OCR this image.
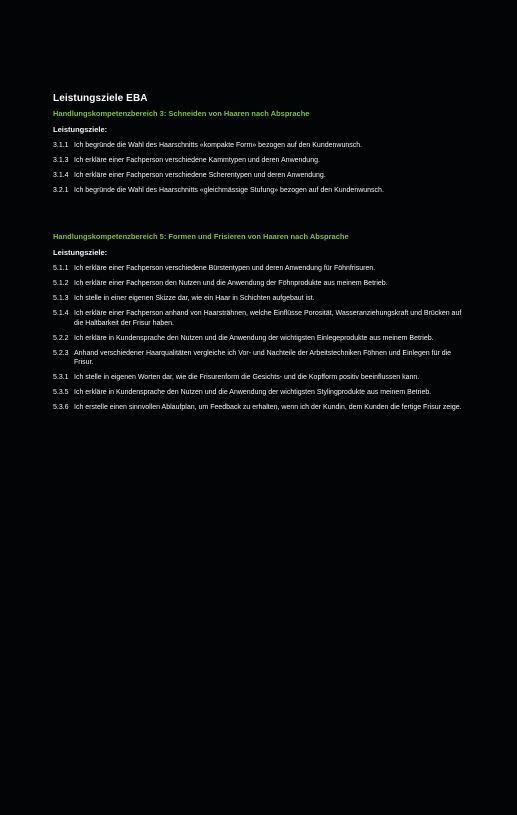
Leistungsziele EBA
Handlungskompetenzbereich 3: Schneiden von Haaren nach Absprache
Leistungsziele:
3.1.1 Ich begründe die Wahl des Haarschnitts «kompakte Form» bezogen auf den Kundenwunsch.
3.1.3 Ich erkläre einer Fachperson verschiedene Kammtypen und deren Anwendung.
3.1.4 Ich erkläre einer Fachperson verschiedene Scherentypen und deren Anwendung.
3.2.1 Ich begründe die Wahl des Haarschnitts «gleichmässige Stufung» bezogen auf den Kundenwunsch.
Handlungskompetenzbereich 5: Formen und Frisieren von Haaren nach Absprache
Leistungsziele:
5.1.1 Ich erkläre einer Fachperson verschiedene Bürstentypen und deren Anwendung für Föhnfrisuren.
5.1.2 Ich erkläre einer Fachperson den Nutzen und die Anwendung der Föhnprodukte aus meinem Betrieb.
5.1.3 Ich stelle in einer eigenen Skizze dar, wie ein Haar in Schichten aufgebaut ist.
5.1.4 Ich erkläre einer Fachperson anhand von Haarsträhnen, welche Einflüsse Porosität, Wasseranziehungskraft und Brücken auf die Haltbarkeit der Frisur haben.
5.2.2 Ich erkläre in Kundensprache den Nutzen und die Anwendung der wichtigsten Einlegeprodukte aus meinem Betrieb.
5.2.3 Anhand verschiedener Haarqualitäten vergleiche ich Vor- und Nachteile der Arbeitstechniken Föhnen und Einlegen für die Frisur.
5.3.1 Ich stelle in eigenen Worten dar, wie die Frisurenform die Gesichts- und die Kopfform positiv beeinflussen kann.
5.3.5 Ich erkläre in Kundensprache den Nutzen und die Anwendung der wichtigsten Stylingprodukte aus meinem Betrieb.
5.3.6 Ich erstelle einen sinnvollen Ablaufplan, um Feedback zu erhalten, wenn ich der Kundin, dem Kunden die fertige Frisur zeige.
